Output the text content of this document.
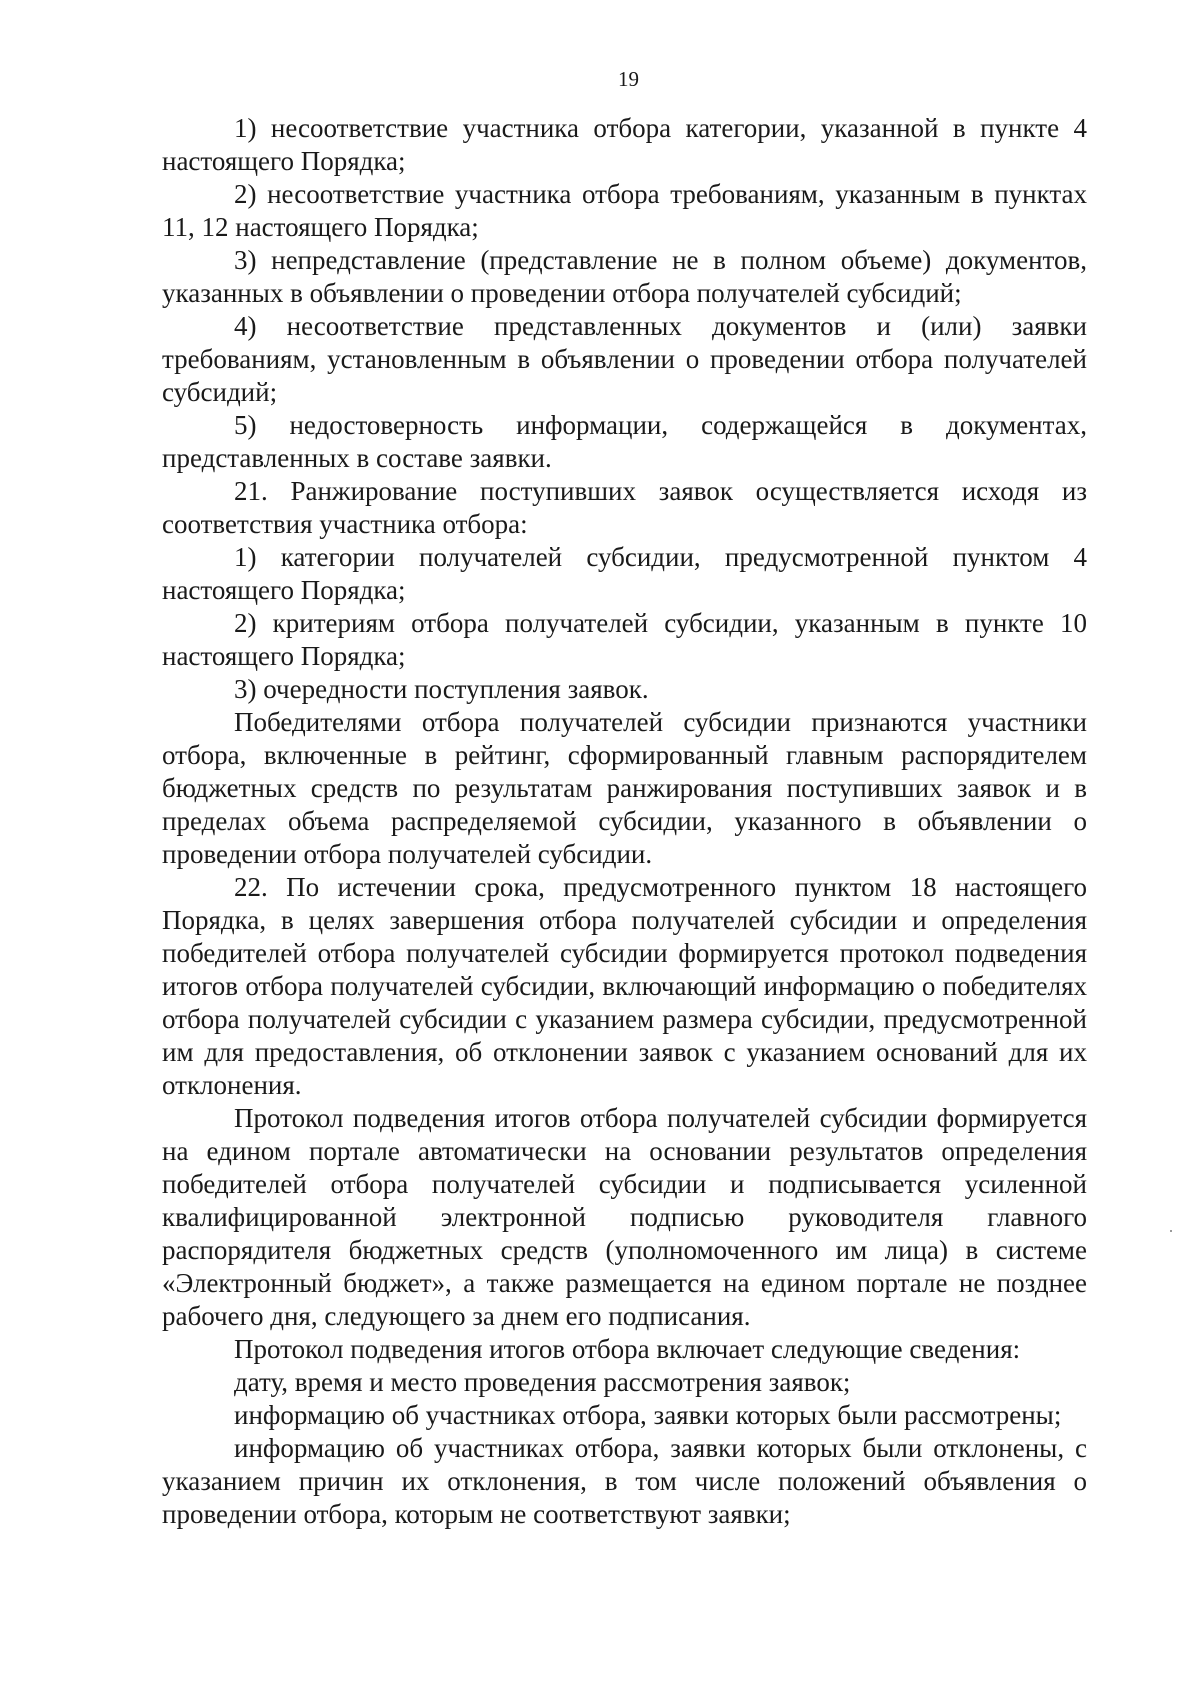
19

1) несоответствие участника отбора категории, указанной в пункте 4 настоящего Порядка;

2) несоответствие участника отбора требованиям, указанным в пунктах 11, 12 настоящего Порядка;

3) непредставление (представление не в полном объеме) документов, указанных в объявлении о проведении отбора получателей субсидий;

4) несоответствие представленных документов и (или) заявки требованиям, установленным в объявлении о проведении отбора получателей субсидий;

5) недостоверность информации, содержащейся в документах, представленных в составе заявки.

21. Ранжирование поступивших заявок осуществляется исходя из соответствия участника отбора:

1) категории получателей субсидии, предусмотренной пунктом 4 настоящего Порядка;

2) критериям отбора получателей субсидии, указанным в пункте 10 настоящего Порядка;

3) очередности поступления заявок.

Победителями отбора получателей субсидии признаются участники отбора, включенные в рейтинг, сформированный главным распорядителем бюджетных средств по результатам ранжирования поступивших заявок и в пределах объема распределяемой субсидии, указанного в объявлении о проведении отбора получателей субсидии.

22. По истечении срока, предусмотренного пунктом 18 настоящего Порядка, в целях завершения отбора получателей субсидии и определения победителей отбора получателей субсидии формируется протокол подведения итогов отбора получателей субсидии, включающий информацию о победителях отбора получателей субсидии с указанием размера субсидии, предусмотренной им для предоставления, об отклонении заявок с указанием оснований для их отклонения.

Протокол подведения итогов отбора получателей субсидии формируется на едином портале автоматически на основании результатов определения победителей отбора получателей субсидии и подписывается усиленной квалифицированной электронной подписью руководителя главного распорядителя бюджетных средств (уполномоченного им лица) в системе «Электронный бюджет», а также размещается на едином портале не позднее рабочего дня, следующего за днем его подписания.

Протокол подведения итогов отбора включает следующие сведения:

дату, время и место проведения рассмотрения заявок;

информацию об участниках отбора, заявки которых были рассмотрены;

информацию об участниках отбора, заявки которых были отклонены, с указанием причин их отклонения, в том числе положений объявления о проведении отбора, которым не соответствуют заявки;
